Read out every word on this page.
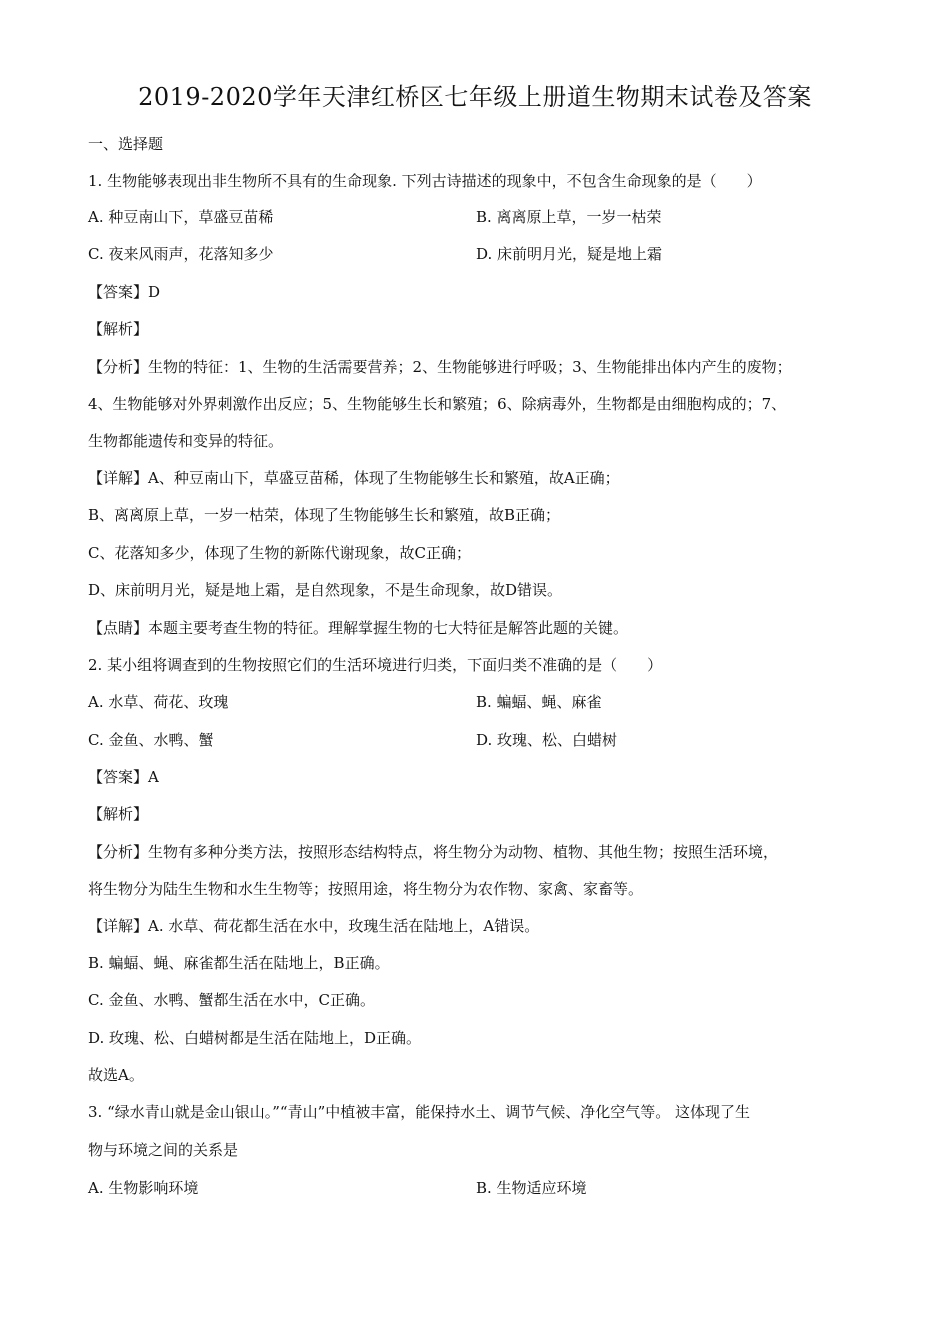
2019-2020学年天津红桥区七年级上册道生物期末试卷及答案
一、选择题
1. 生物能够表现出非生物所不具有的生命现象. 下列古诗描述的现象中，不包含生命现象的是（　　）
A. 种豆南山下，草盛豆苗稀	B. 离离原上草，一岁一枯荣
C. 夜来风雨声，花落知多少	D. 床前明月光，疑是地上霜
【答案】D
【解析】
【分析】生物的特征：1、生物的生活需要营养；2、生物能够进行呼吸；3、生物能排出体内产生的废物；
4、生物能够对外界刺激作出反应；5、生物能够生长和繁殖；6、除病毒外，生物都是由细胞构成的；7、
生物都能遗传和变异的特征。
【详解】A、种豆南山下，草盛豆苗稀，体现了生物能够生长和繁殖，故A正确；
B、离离原上草，一岁一枯荣，体现了生物能够生长和繁殖，故B正确；
C、花落知多少，体现了生物的新陈代谢现象，故C正确；
D、床前明月光，疑是地上霜，是自然现象，不是生命现象，故D错误。
【点睛】本题主要考查生物的特征。理解掌握生物的七大特征是解答此题的关键。
2. 某小组将调查到的生物按照它们的生活环境进行归类，下面归类不准确的是（　　）
A. 水草、荷花、玫瑰	B. 蝙蝠、蝇、麻雀
C. 金鱼、水鸭、蟹	D. 玫瑰、松、白蜡树
【答案】A
【解析】
【分析】生物有多种分类方法，按照形态结构特点，将生物分为动物、植物、其他生物；按照生活环境，
将生物分为陆生生物和水生生物等；按照用途，将生物分为农作物、家禽、家畜等。
【详解】A. 水草、荷花都生活在水中，玫瑰生活在陆地上，A错误。
B. 蝙蝠、蝇、麻雀都生活在陆地上，B正确。
C. 金鱼、水鸭、蟹都生活在水中，C正确。
D. 玫瑰、松、白蜡树都是生活在陆地上，D正确。
故选A。
3. “绿水青山就是金山银山。”“青山”中植被丰富，能保持水土、调节气候、净化空气等。 这体现了生
物与环境之间的关系是
A. 生物影响环境	B. 生物适应环境
